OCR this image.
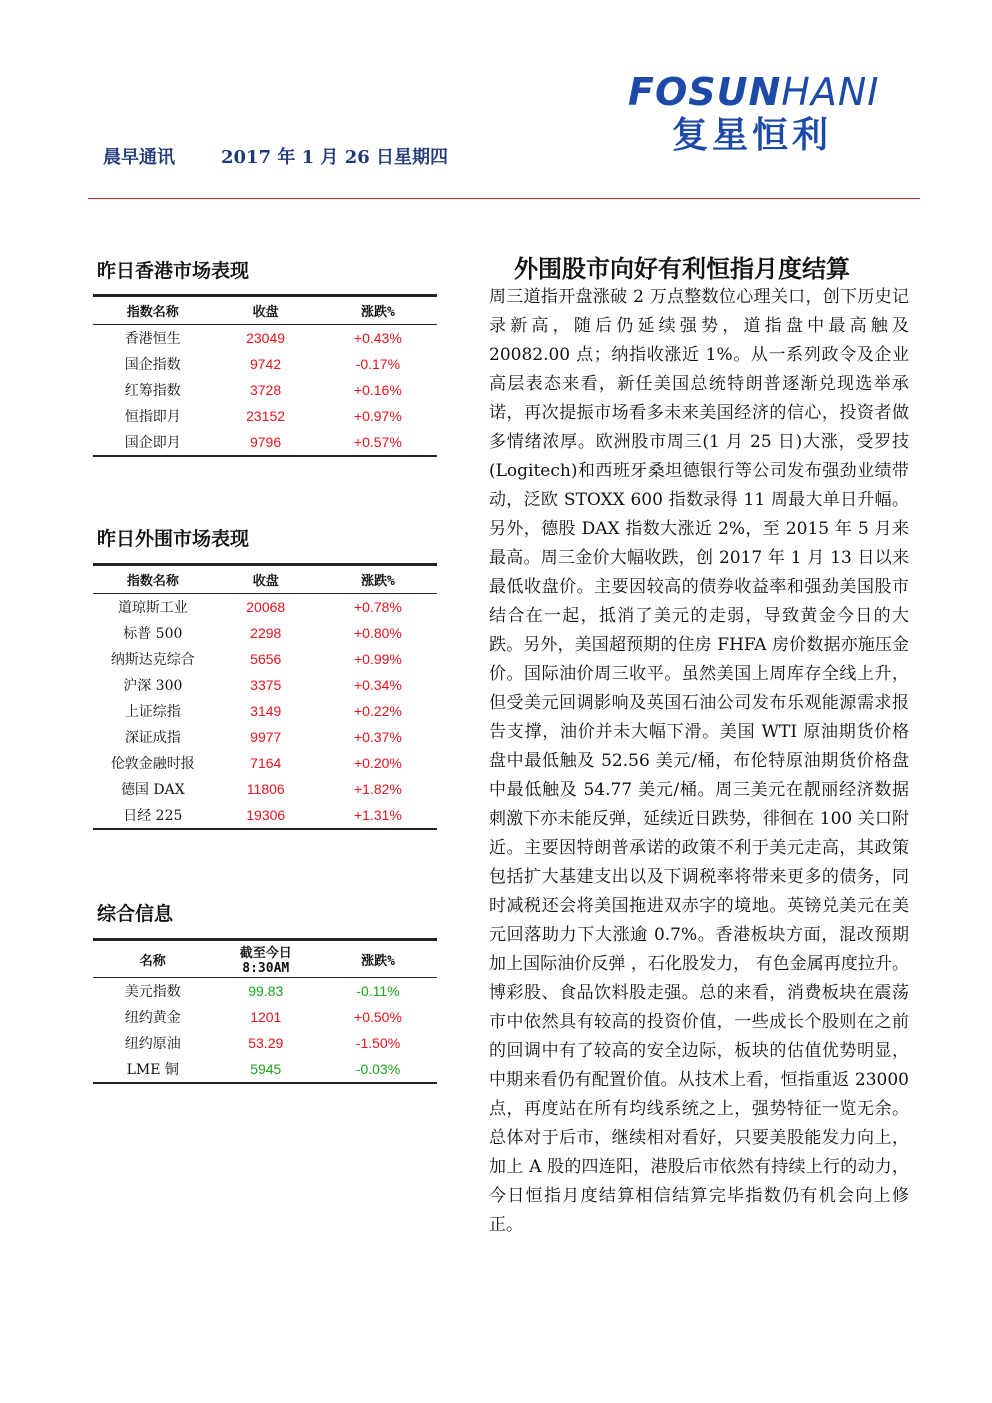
晨早通讯	2017 年 1 月 26 日星期四
FOSUNHANI
复星恒利
昨日香港市场表现
指数名称	收盘	涨跌%
香港恒生	23049	+0.43%
国企指数	9742	-0.17%
红筹指数	3728	+0.16%
恒指即月	23152	+0.97%
国企即月	9796	+0.57%
昨日外围市场表现
指数名称	收盘	涨跌%
道琼斯工业	20068	+0.78%
标普 500	2298	+0.80%
纳斯达克综合	5656	+0.99%
沪深 300	3375	+0.34%
上证综指	3149	+0.22%
深证成指	9977	+0.37%
伦敦金融时报	7164	+0.20%
德国 DAX	11806	+1.82%
日经 225	19306	+1.31%
综合信息
名称	截至今日 8:30AM	涨跌%
美元指数	99.83	-0.11%
纽约黄金	1201	+0.50%
纽约原油	53.29	-1.50%
LME 铜	5945	-0.03%
外围股市向好有利恒指月度结算
周三道指开盘涨破 2 万点整数位心理关口，创下历史记录新高，随后仍延续强势，道指盘中最高触及 20082.00 点；纳指收涨近 1%。从一系列政令及企业高层表态来看，新任美国总统特朗普逐渐兑现选举承诺，再次提振市场看多未来美国经济的信心，投资者做多情绪浓厚。欧洲股市周三(1 月 25 日)大涨，受罗技(Logitech)和西班牙桑坦德银行等公司发布强劲业绩带动，泛欧 STOXX 600 指数录得 11 周最大单日升幅。另外，德股 DAX 指数大涨近 2%，至 2015 年 5 月来最高。周三金价大幅收跌，创 2017 年 1 月 13 日以来最低收盘价。主要因较高的债券收益率和强劲美国股市结合在一起，抵消了美元的走弱，导致黄金今日的大跌。另外，美国超预期的住房 FHFA 房价数据亦施压金价。国际油价周三收平。虽然美国上周库存全线上升，但受美元回调影响及英国石油公司发布乐观能源需求报告支撑，油价并未大幅下滑。美国 WTI 原油期货价格盘中最低触及 52.56 美元/桶，布伦特原油期货价格盘中最低触及 54.77 美元/桶。周三美元在靓丽经济数据刺激下亦未能反弹，延续近日跌势，徘徊在 100 关口附近。主要因特朗普承诺的政策不利于美元走高，其政策包括扩大基建支出以及下调税率将带来更多的债务，同时减税还会将美国拖进双赤字的境地。英镑兑美元在美元回落助力下大涨逾 0.7%。香港板块方面，混改预期加上国际油价反弹 ，石化股发力， 有色金属再度拉升。 博彩股、食品饮料股走强。总的来看，消费板块在震荡市中依然具有较高的投资价值，一些成长个股则在之前的回调中有了较高的安全边际，板块的估值优势明显，中期来看仍有配置价值。从技术上看，恒指重返 23000 点，再度站在所有均线系统之上，强势特征一览无余。总体对于后市，继续相对看好，只要美股能发力向上，加上 A 股的四连阳，港股后市依然有持续上行的动力，今日恒指月度结算相信结算完毕指数仍有机会向上修正。
